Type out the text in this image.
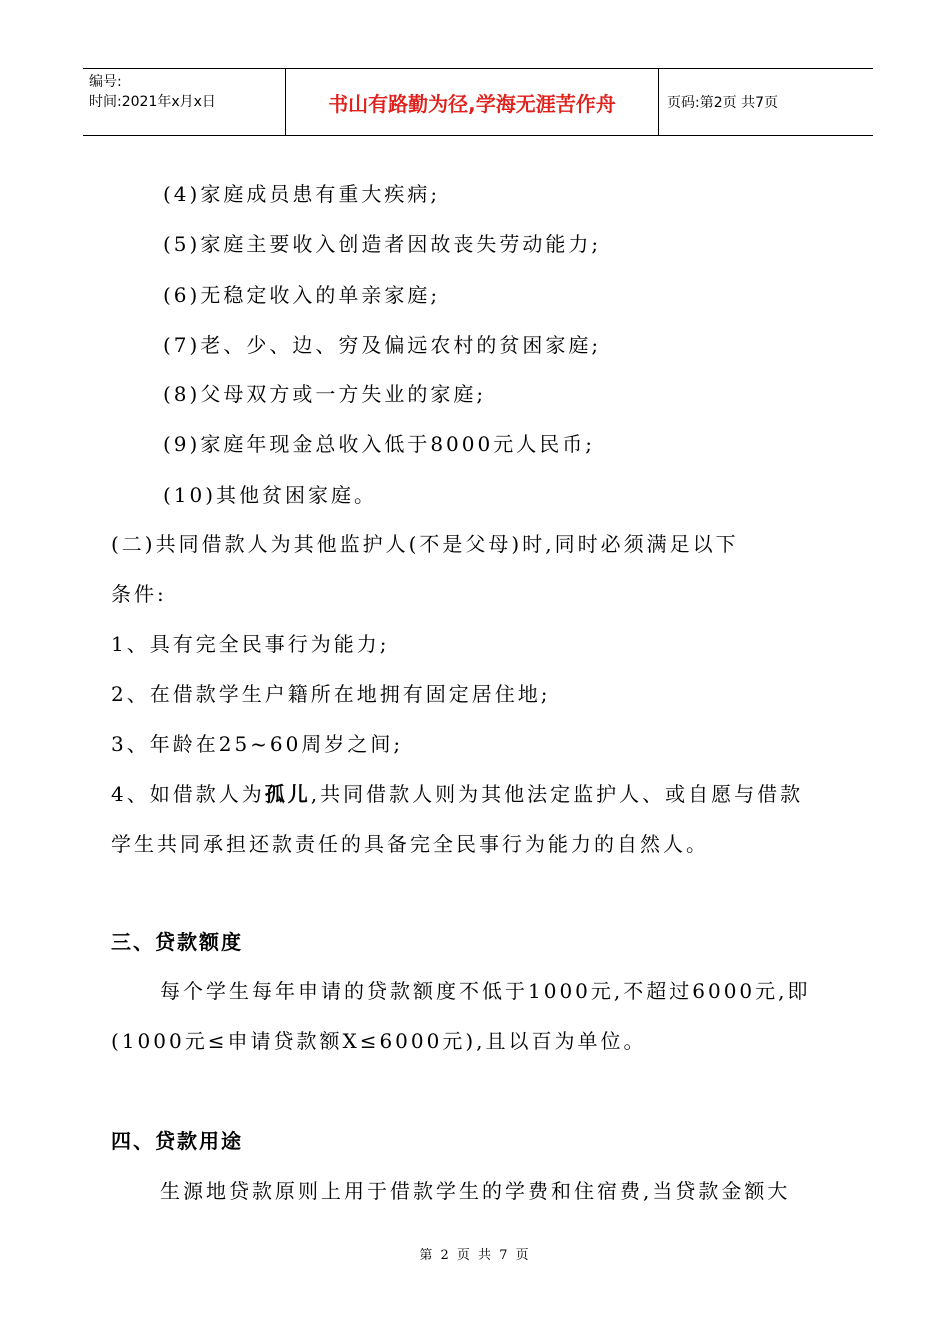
编号:
时间:2021年x月x日	书山有路勤为径,学海无涯苦作舟	页码:第2页 共7页
(4)家庭成员患有重大疾病;
(5)家庭主要收入创造者因故丧失劳动能力;
(6)无稳定收入的单亲家庭;
(7)老、少、边、穷及偏远农村的贫困家庭;
(8)父母双方或一方失业的家庭;
(9)家庭年现金总收入低于8000元人民币;
(10)其他贫困家庭。
(二)共同借款人为其他监护人(不是父母)时,同时必须满足以下
条件:
1、具有完全民事行为能力;
2、在借款学生户籍所在地拥有固定居住地;
3、年龄在25~60周岁之间;
4、如借款人为孤儿,共同借款人则为其他法定监护人、或自愿与借款
学生共同承担还款责任的具备完全民事行为能力的自然人。
三、贷款额度
每个学生每年申请的贷款额度不低于1000元,不超过6000元,即
(1000元≤申请贷款额X≤6000元),且以百为单位。
四、贷款用途
生源地贷款原则上用于借款学生的学费和住宿费,当贷款金额大
第 2 页 共 7 页
